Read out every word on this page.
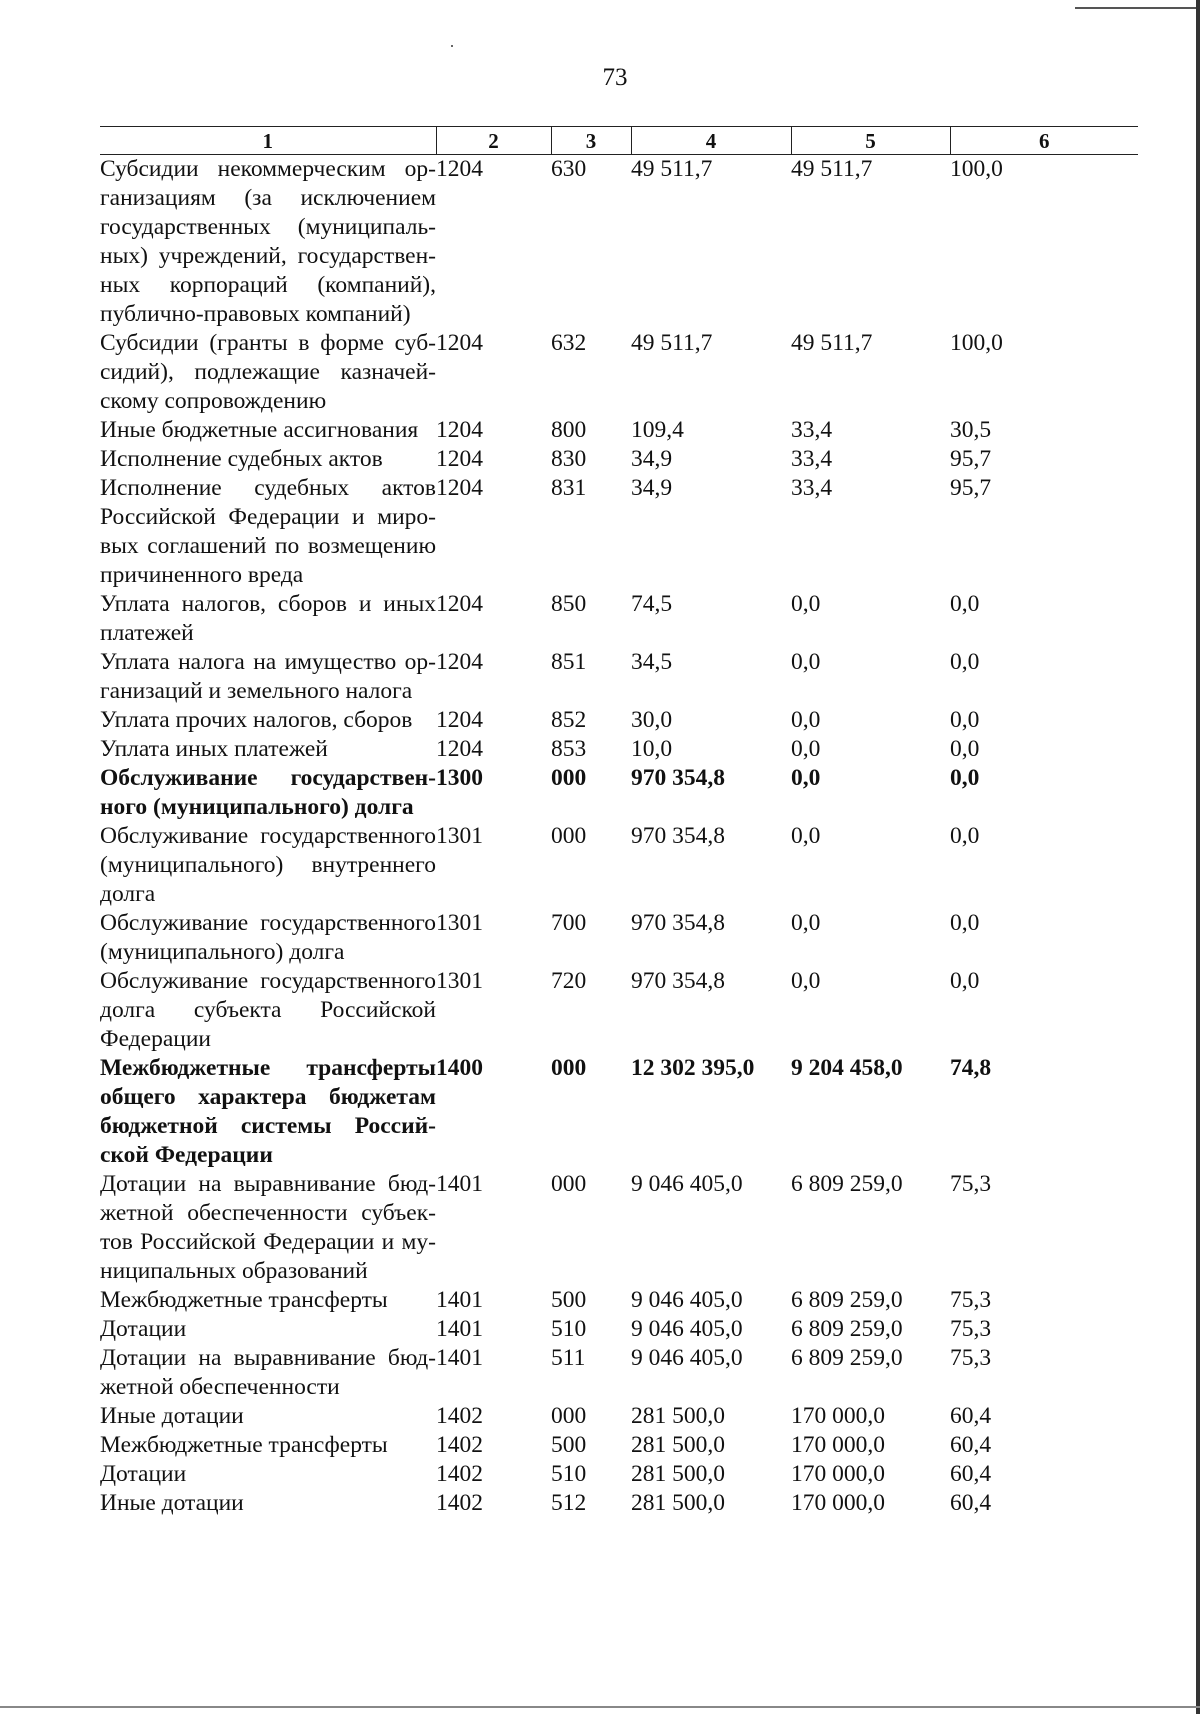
73
1	2	3	4	5	6
Субсидии некоммерческим организациям (за исключением государственных (муниципальных) учреждений, государственных корпораций (компаний), публично-правовых компаний)	1204	630	49 511,7	49 511,7	100,0
Субсидии (гранты в форме субсидий), подлежащие казначейскому сопровождению	1204	632	49 511,7	49 511,7	100,0
Иные бюджетные ассигнования	1204	800	109,4	33,4	30,5
Исполнение судебных актов	1204	830	34,9	33,4	95,7
Исполнение судебных актов Российской Федерации и мировых соглашений по возмещению причиненного вреда	1204	831	34,9	33,4	95,7
Уплата налогов, сборов и иных платежей	1204	850	74,5	0,0	0,0
Уплата налога на имущество организаций и земельного налога	1204	851	34,5	0,0	0,0
Уплата прочих налогов, сборов	1204	852	30,0	0,0	0,0
Уплата иных платежей	1204	853	10,0	0,0	0,0
Обслуживание государственного (муниципального) долга	1300	000	970 354,8	0,0	0,0
Обслуживание государственного (муниципального) внутреннего долга	1301	000	970 354,8	0,0	0,0
Обслуживание государственного (муниципального) долга	1301	700	970 354,8	0,0	0,0
Обслуживание государственного долга субъекта Российской Федерации	1301	720	970 354,8	0,0	0,0
Межбюджетные трансферты общего характера бюджетам бюджетной системы Российской Федерации	1400	000	12 302 395,0	9 204 458,0	74,8
Дотации на выравнивание бюджетной обеспеченности субъектов Российской Федерации и муниципальных образований	1401	000	9 046 405,0	6 809 259,0	75,3
Межбюджетные трансферты	1401	500	9 046 405,0	6 809 259,0	75,3
Дотации	1401	510	9 046 405,0	6 809 259,0	75,3
Дотации на выравнивание бюджетной обеспеченности	1401	511	9 046 405,0	6 809 259,0	75,3
Иные дотации	1402	000	281 500,0	170 000,0	60,4
Межбюджетные трансферты	1402	500	281 500,0	170 000,0	60,4
Дотации	1402	510	281 500,0	170 000,0	60,4
Иные дотации	1402	512	281 500,0	170 000,0	60,4
